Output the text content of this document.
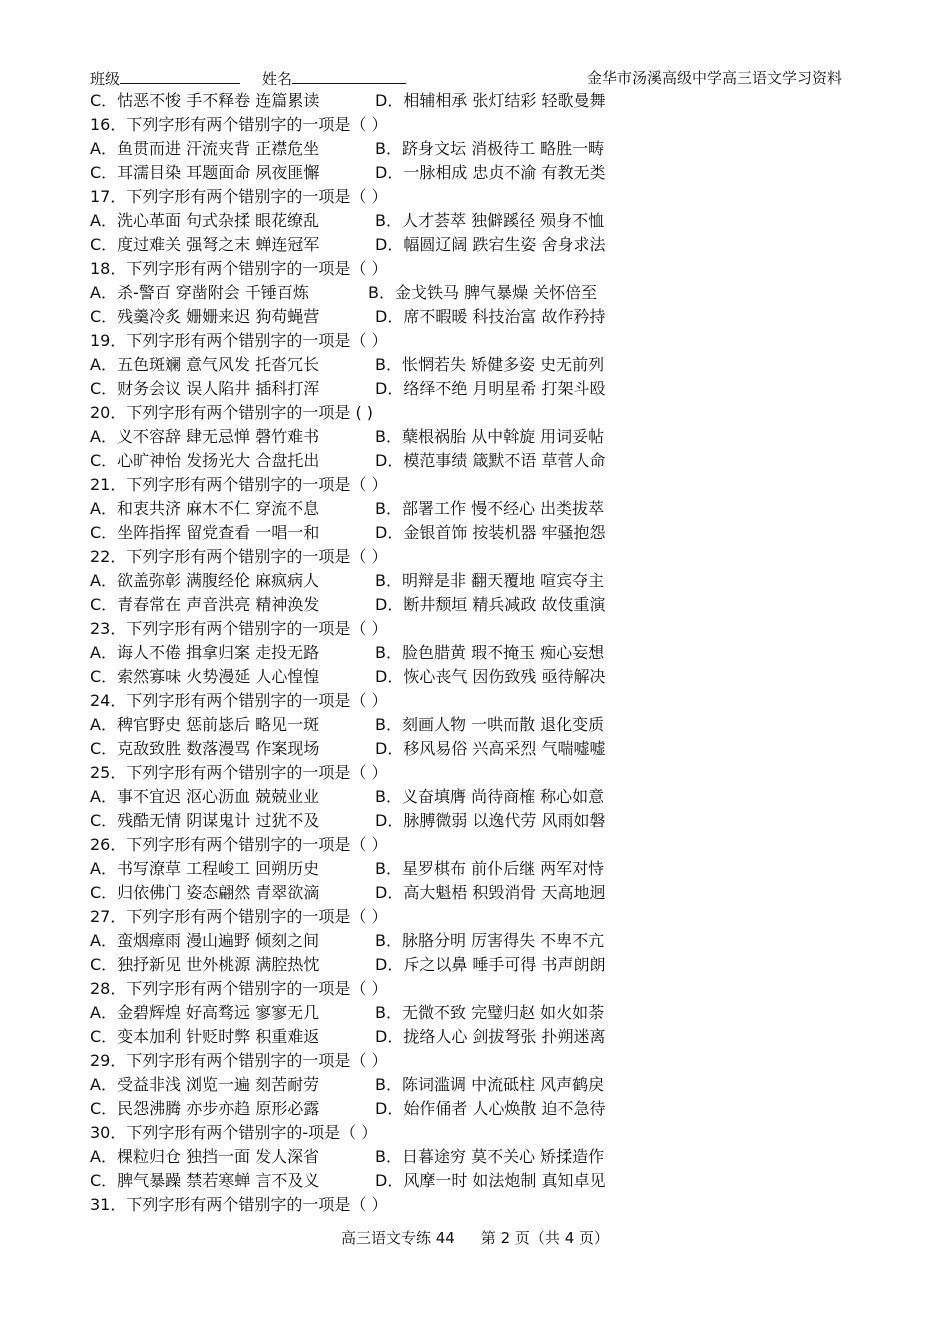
班级	姓名	金华市汤溪高级中学高三语文学习资料
C．怙恶不悛 手不释卷 连篇累读	D．相辅相承 张灯结彩 轻歌曼舞
16．下列字形有两个错别字的一项是（ ）
A．鱼贯而进 汗流夹背 正襟危坐	B．跻身文坛 消极待工 略胜一畴
C．耳濡目染 耳题面命 夙夜匪懈	D．一脉相成 忠贞不渝 有教无类
17．下列字形有两个错别字的一项是（ ）
A．洗心革面 句式杂揉 眼花缭乱	B．人才荟萃 独僻蹊径 殒身不恤
C．度过难关 强弩之末 蝉连冠军	D．幅圆辽阔 跌宕生姿 舍身求法
18．下列字形有两个错别字的一项是（ ）
A．杀-警百 穿凿附会 千锤百炼	B．金戈铁马 脾气暴燥 关怀倍至
C．残羹冷炙 姗姗来迟 狗苟蝇营	D．席不暇暖 科技治富 故作矜持
19．下列字形有两个错别字的一项是（ ）
A．五色斑斓 意气风发 托沓冗长	B．怅惘若失 矫健多姿 史无前列
C．财务会议 误人陷井 插科打浑	D．络绎不绝 月明星希 打架斗殴
20．下列字形有两个错别字的一项是 ( )
A．义不容辞 肆无忌惮 磬竹难书	B．蘖根祸胎 从中斡旋 用词妥帖
C．心旷神怡 发扬光大 合盘托出	D．模范事绩 箴默不语 草菅人命
21．下列字形有两个错别字的一项是（ ）
A．和衷共济 麻木不仁 穿流不息	B．部署工作 慢不经心 出类拔萃
C．坐阵指挥 留党查看 一唱一和	D．金银首饰 按装机器 牢骚抱怨
22．下列字形有两个错别字的一项是（ ）
A．欲盖弥彰 满腹经伦 麻疯病人	B．明辩是非 翻天覆地 喧宾夺主
C．青春常在 声音洪亮 精神涣发	D．断井颓垣 精兵减政 故伎重演
23．下列字形有两个错别字的一项是（ ）
A．诲人不倦 揖拿归案 走投无路	B．脸色腊黄 瑕不掩玉 痴心妄想
C．索然寡味 火势漫延 人心惶惶	D．恢心丧气 因伤致残 亟待解决
24．下列字形有两个错别字的一项是（ ）
A．稗官野史 惩前毖后 略见一斑	B．刻画人物 一哄而散 退化变质
C．克敌致胜 数落漫骂 作案现场	D．移风易俗 兴高采烈 气喘嘘嘘
25．下列字形有两个错别字的一项是（ ）
A．事不宜迟 沤心沥血 兢兢业业	B．义奋填膺 尚待商榷 称心如意
C．残酷无情 阴谋鬼计 过犹不及	D．脉膊微弱 以逸代劳 风雨如磐
26．下列字形有两个错别字的一项是（ ）
A．书写潦草 工程峻工 回朔历史	B．星罗棋布 前仆后继 两军对恃
C．归依佛门 姿态翩然 青翠欲滴	D．高大魁梧 积毁消骨 天高地迥
27．下列字形有两个错别字的一项是（ ）
A．蛮烟瘴雨 漫山遍野 倾刻之间	B．脉胳分明 厉害得失 不卑不亢
C．独抒新见 世外桃源 满腔热忱	D．斥之以鼻 唾手可得 书声朗朗
28．下列字形有两个错别字的一项是（ ）
A．金碧辉煌 好高骛远 寥寥无几	B．无微不致 完璧归赵 如火如荼
C．变本加利 针贬时弊 积重难返	D．拢络人心 剑拔弩张 扑朔迷离
29．下列字形有两个错别字的一项是（ ）
A．受益非浅 浏览一遍 刻苦耐劳	B．陈词滥调 中流砥柱 风声鹤戾
C．民怨沸腾 亦步亦趋 原形必露	D．始作俑者 人心焕散 迫不急待
30．下列字形有两个错别字的-项是（ ）
A．棵粒归仓 独挡一面 发人深省	B．日暮途穷 莫不关心 矫揉造作
C．脾气暴躁 禁若寒蝉 言不及义	D．风摩一时 如法炮制 真知卓见
31．下列字形有两个错别字的一项是（ ）
高三语文专练 44 第 2 页（共 4 页）
